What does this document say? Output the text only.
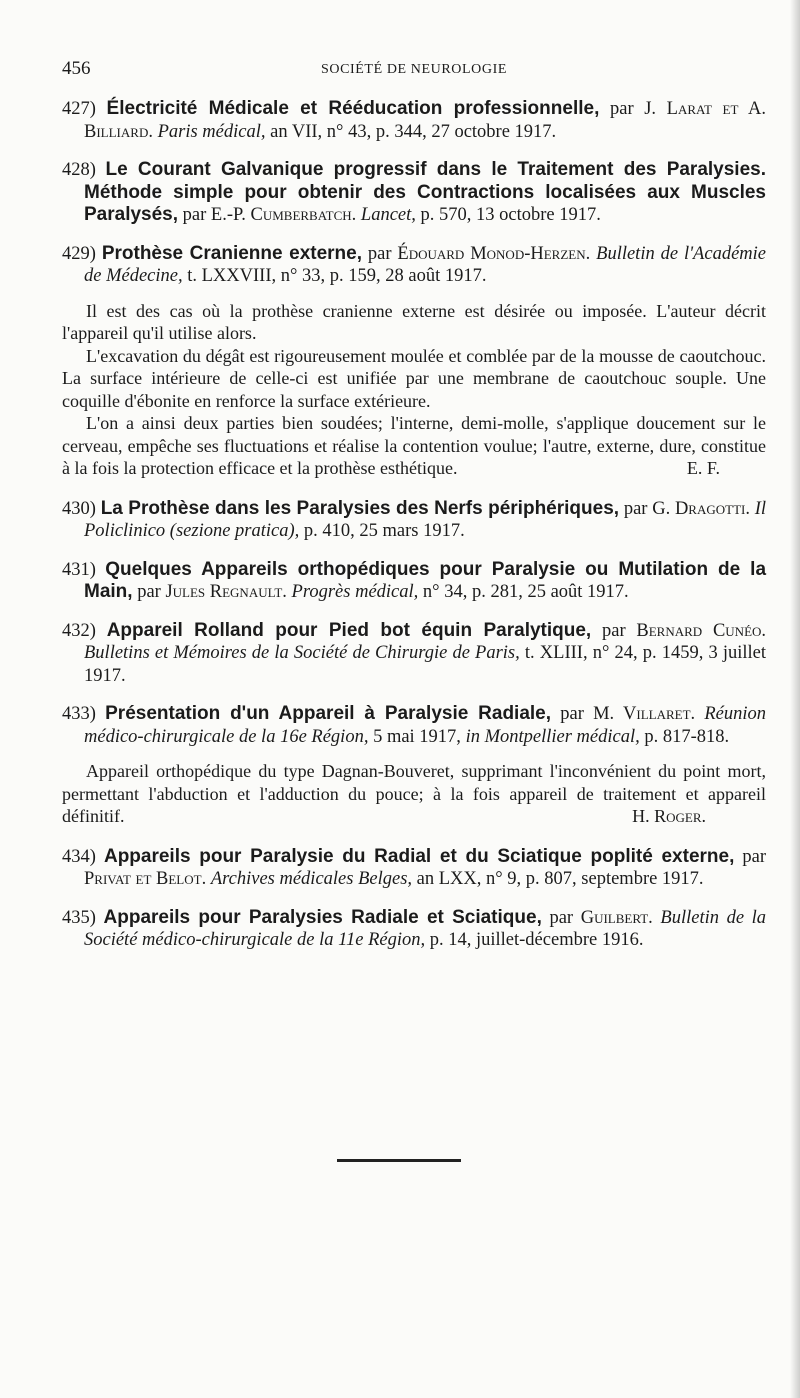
456	SOCIÉTÉ DE NEUROLOGIE

427) Électricité Médicale et Rééducation professionnelle, par J. Larat et A. Billiard. Paris médical, an VII, n° 43, p. 344, 27 octobre 1917.

428) Le Courant Galvanique progressif dans le Traitement des Paralysies. Méthode simple pour obtenir des Contractions localisées aux Muscles Paralysés, par E.-P. Cumberbatch. Lancet, p. 570, 13 octobre 1917.

429) Prothèse Cranienne externe, par Édouard Monod-Herzen. Bulletin de l'Académie de Médecine, t. LXXVIII, n° 33, p. 159, 28 août 1917.

Il est des cas où la prothèse cranienne externe est désirée ou imposée. L'auteur décrit l'appareil qu'il utilise alors.

L'excavation du dégât est rigoureusement moulée et comblée par de la mousse de caoutchouc. La surface intérieure de celle-ci est unifiée par une membrane de caoutchouc souple. Une coquille d'ébonite en renforce la surface extérieure.

L'on a ainsi deux parties bien soudées; l'interne, demi-molle, s'applique doucement sur le cerveau, empêche ses fluctuations et réalise la contention voulue; l'autre, externe, dure, constitue à la fois la protection efficace et la prothèse esthétique.	E. F.

430) La Prothèse dans les Paralysies des Nerfs périphériques, par G. Dragotti. Il Policlinico (sezione pratica), p. 410, 25 mars 1917.

431) Quelques Appareils orthopédiques pour Paralysie ou Mutilation de la Main, par Jules Regnault. Progrès médical, n° 34, p. 281, 25 août 1917.

432) Appareil Rolland pour Pied bot équin Paralytique, par Bernard Cunéo. Bulletins et Mémoires de la Société de Chirurgie de Paris, t. XLIII, n° 24, p. 1459, 3 juillet 1917.

433) Présentation d'un Appareil à Paralysie Radiale, par M. Villaret. Réunion médico-chirurgicale de la 16e Région, 5 mai 1917, in Montpellier médical, p. 817-818.

Appareil orthopédique du type Dagnan-Bouveret, supprimant l'inconvénient du point mort, permettant l'abduction et l'adduction du pouce; à la fois appareil de traitement et appareil définitif.	H. Roger.

434) Appareils pour Paralysie du Radial et du Sciatique poplité externe, par Privat et Belot. Archives médicales Belges, an LXX, n° 9, p. 807, septembre 1917.

435) Appareils pour Paralysies Radiale et Sciatique, par Guilbert. Bulletin de la Société médico-chirurgicale de la 11e Région, p. 14, juillet-décembre 1916.
